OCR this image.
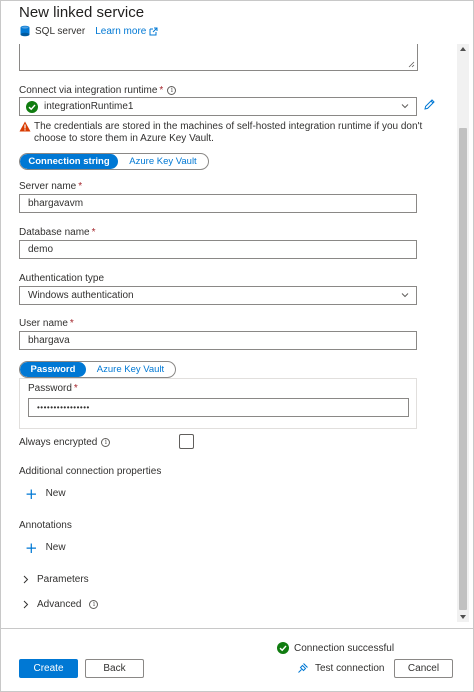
New linked service
SQL server Learn more
Connect via integration runtime * i
integrationRuntime1
The credentials are stored in the machines of self-hosted integration runtime if you don't choose to store them in Azure Key Vault.
Connection string	Azure Key Vault
Server name *
bhargavavm
Database name *
demo
Authentication type
Windows authentication
User name *
bhargava
Password	Azure Key Vault
Password *
••••••••••••••••
Always encrypted i
Additional connection properties
+ New
Annotations
+ New
Parameters
Advanced	i
Connection successful
Create	Back	Test connection	Cancel
